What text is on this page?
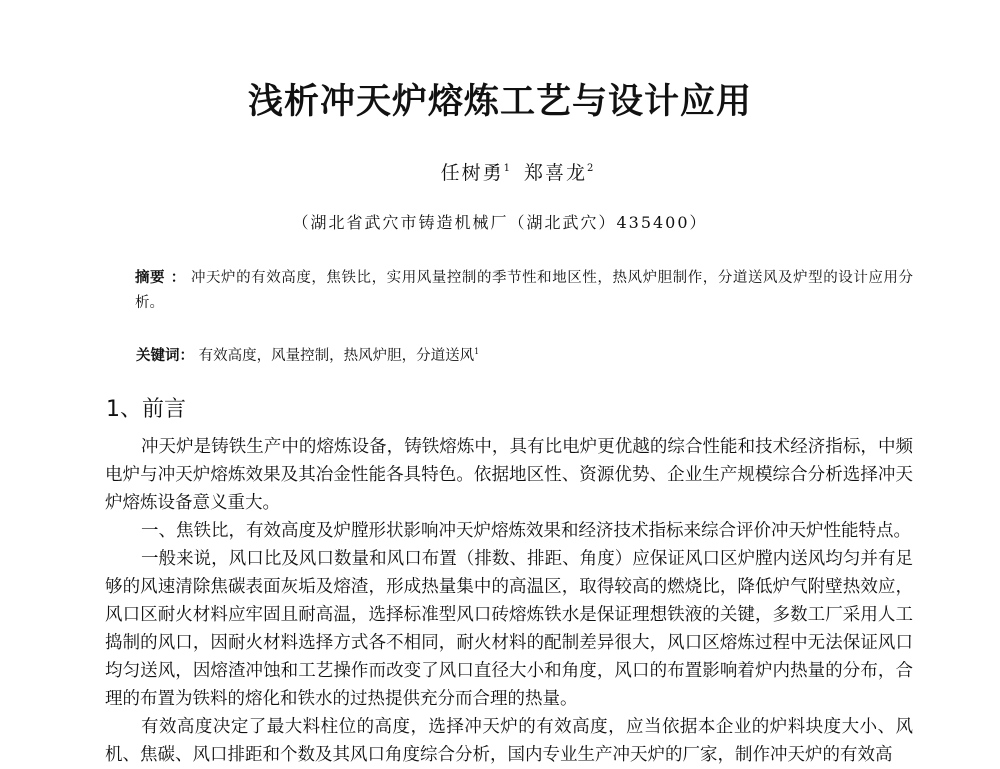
浅析冲天炉熔炼工艺与设计应用
任树勇$^1$ 郑喜龙$^2$
（湖北省武穴市铸造机械厂（湖北武穴）435400）
摘要 ： 冲天炉的有效高度，焦铁比，实用风量控制的季节性和地区性，热风炉胆制作，分道送风及炉型的设计应用分析。
关键词： 有效高度，风量控制，热风炉胆，分道送风$^1$
1、前言

冲天炉是铸铁生产中的熔炼设备，铸铁熔炼中，具有比电炉更优越的综合性能和技术经济指标，中频电炉与冲天炉熔炼效果及其冶金性能各具特色。依据地区性、资源优势、企业生产规模综合分析选择冲天炉熔炼设备意义重大。

一、焦铁比，有效高度及炉膛形状影响冲天炉熔炼效果和经济技术指标来综合评价冲天炉性能特点。

一般来说，风口比及风口数量和风口布置（排数、排距、角度）应保证风口区炉膛内送风均匀并有足够的风速清除焦碳表面灰垢及熔渣，形成热量集中的高温区，取得较高的燃烧比，降低炉气附壁热效应，风口区耐火材料应牢固且耐高温，选择标准型风口砖熔炼铁水是保证理想铁液的关键，多数工厂采用人工捣制的风口，因耐火材料选择方式各不相同，耐火材料的配制差异很大，风口区熔炼过程中无法保证风口均匀送风，因熔渣冲蚀和工艺操作而改变了风口直径大小和角度，风口的布置影响着炉内热量的分布，合理的布置为铁料的熔化和铁水的过热提供充分而合理的热量。

有效高度决定了最大料柱位的高度，选择冲天炉的有效高度，应当依据本企业的炉料块度大小、风机、焦碳、风口排距和个数及其风口角度综合分析，国内专业生产冲天炉的厂家，制作冲天炉的有效高
